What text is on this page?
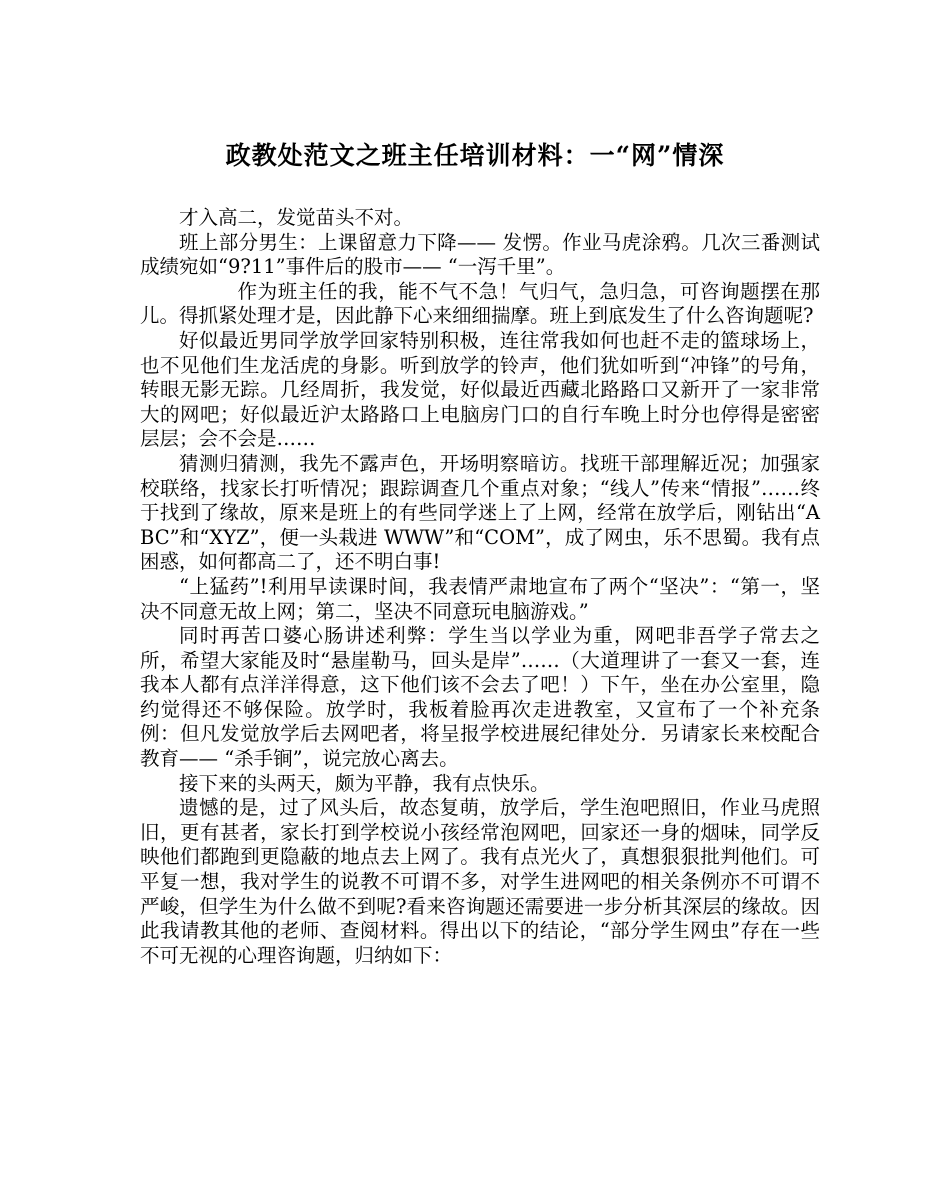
政教处范文之班主任培训材料：一“网”情深

才入高二，发觉苗头不对。

班上部分男生：上课留意力下降—— 发愣。作业马虎涂鸦。几次三番测试成绩宛如“9?11”事件后的股市—— “一泻千里”。

作为班主任的我，能不气不急！气归气，急归急，可咨询题摆在那儿。得抓紧处理才是，因此静下心来细细揣摩。班上到底发生了什么咨询题呢?

好似最近男同学放学回家特别积极，连往常我如何也赶不走的篮球场上，也不见他们生龙活虎的身影。听到放学的铃声，他们犹如听到“冲锋”的号角，转眼无影无踪。几经周折，我发觉，好似最近西藏北路路口又新开了一家非常大的网吧；好似最近沪太路路口上电脑房门口的自行车晚上时分也停得是密密层层；会不会是……

猜测归猜测，我先不露声色，开场明察暗访。找班干部理解近况；加强家校联络，找家长打听情况；跟踪调查几个重点对象；“线人”传来“情报”……终于找到了缘故，原来是班上的有些同学迷上了上网，经常在放学后，刚钻出“ABC”和“XYZ”，便一头栽进 WWW”和“COM”，成了网虫，乐不思蜀。我有点困惑，如何都高二了，还不明白事!

“上猛药”!利用早读课时间，我表情严肃地宣布了两个“坚决”：“第一，坚决不同意无故上网；第二，坚决不同意玩电脑游戏。”

同时再苦口婆心肠讲述利弊：学生当以学业为重，网吧非吾学子常去之所，希望大家能及时“悬崖勒马，回头是岸”……（大道理讲了一套又一套，连我本人都有点洋洋得意，这下他们该不会去了吧！）下午，坐在办公室里，隐约觉得还不够保险。放学时，我板着脸再次走进教室，又宣布了一个补充条例：但凡发觉放学后去网吧者，将呈报学校进展纪律处分．另请家长来校配合教育—— “杀手锏”，说完放心离去。

接下来的头两天，颇为平静，我有点快乐。

遗憾的是，过了风头后，故态复萌，放学后，学生泡吧照旧，作业马虎照旧，更有甚者，家长打到学校说小孩经常泡网吧，回家还一身的烟味，同学反映他们都跑到更隐蔽的地点去上网了。我有点光火了，真想狠狠批判他们。可平复一想，我对学生的说教不可谓不多，对学生进网吧的相关条例亦不可谓不严峻，但学生为什么做不到呢?看来咨询题还需要进一步分析其深层的缘故。因此我请教其他的老师、查阅材料。得出以下的结论，“部分学生网虫”存在一些不可无视的心理咨询题，归纳如下：
